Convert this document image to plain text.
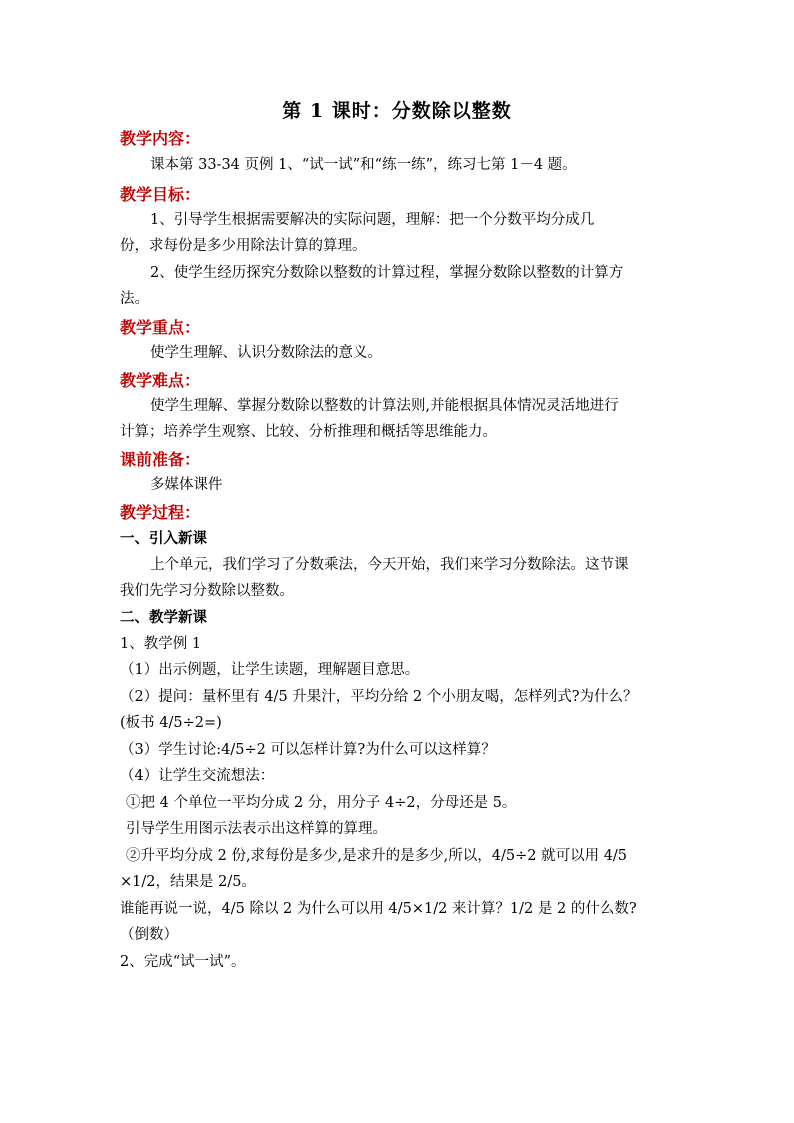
第 1 课时：分数除以整数
教学内容：
课本第 33-34 页例 1、“试一试”和“练一练”，练习七第 1－4 题。
教学目标：
1、引导学生根据需要解决的实际问题，理解：把一个分数平均分成几
份，求每份是多少用除法计算的算理。
2、使学生经历探究分数除以整数的计算过程，掌握分数除以整数的计算方
法。
教学重点：
使学生理解、认识分数除法的意义。
教学难点：
使学生理解、掌握分数除以整数的计算法则,并能根据具体情况灵活地进行
计算；培养学生观察、比较、分析推理和概括等思维能力。
课前准备：
多媒体课件
教学过程：
一、引入新课
上个单元，我们学习了分数乘法，今天开始，我们来学习分数除法。这节课
我们先学习分数除以整数。
二、教学新课
1、教学例 1
（1）出示例题，让学生读题，理解题目意思。
（2）提问：量杯里有 4/5 升果汁，平均分给 2 个小朋友喝，怎样列式?为什么？
(板书 4/5÷2=)
（3）学生讨论:4/5÷2 可以怎样计算?为什么可以这样算？
（4）让学生交流想法：
①把 4 个单位一平均分成 2 分，用分子 4÷2，分母还是 5。
引导学生用图示法表示出这样算的算理。
②升平均分成 2 份,求每份是多少,是求升的是多少,所以，4/5÷2 就可以用 4/5
×1/2，结果是 2/5。
谁能再说一说，4/5 除以 2 为什么可以用 4/5×1/2 来计算？1/2 是 2 的什么数?
（倒数）
2、完成“试一试”。
